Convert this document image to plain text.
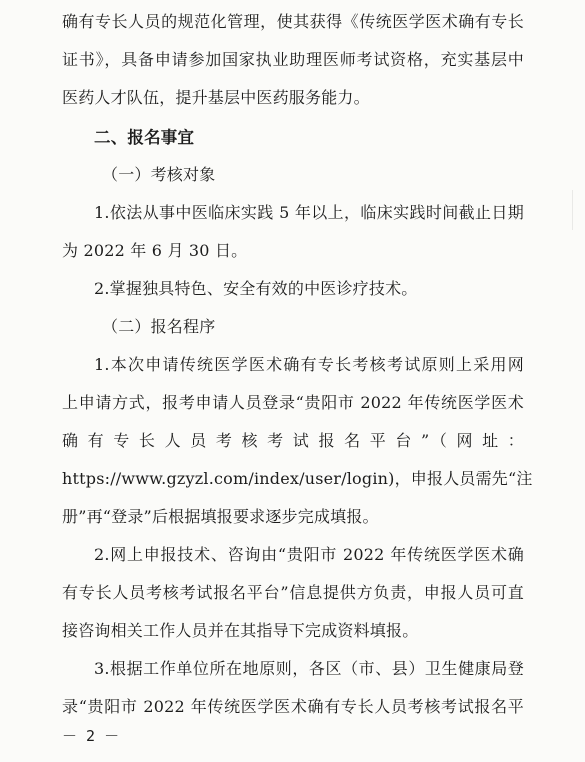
确有专长人员的规范化管理，使其获得《传统医学医术确有专长
证书》，具备申请参加国家执业助理医师考试资格，充实基层中
医药人才队伍，提升基层中医药服务能力。
二、报名事宜
（一）考核对象
1.依法从事中医临床实践 5 年以上，临床实践时间截止日期
为 2022 年 6 月 30 日。
2.掌握独具特色、安全有效的中医诊疗技术。
（二）报名程序
1.本次申请传统医学医术确有专长考核考试原则上采用网
上申请方式，报考申请人员登录“贵阳市 2022 年传统医学医术
确有专长人员考核考试报名平台”（网址：
https://www.gzyzl.com/index/user/login)，申报人员需先“注
册”再“登录”后根据填报要求逐步完成填报。
2.网上申报技术、咨询由“贵阳市 2022 年传统医学医术确
有专长人员考核考试报名平台”信息提供方负责，申报人员可直
接咨询相关工作人员并在其指导下完成资料填报。
3.根据工作单位所在地原则，各区（市、县）卫生健康局登
录“贵阳市 2022 年传统医学医术确有专长人员考核考试报名平
－ 2 －
